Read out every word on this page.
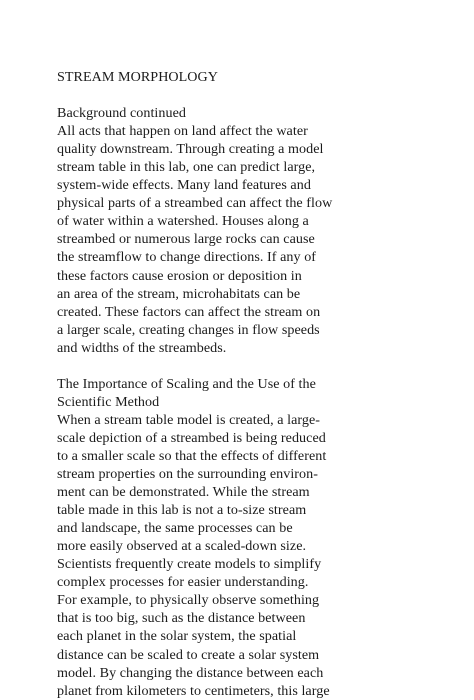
STREAM MORPHOLOGY
Background continued
All acts that happen on land affect the water
quality downstream. Through creating a model
stream table in this lab, one can predict large,
system-wide effects. Many land features and
physical parts of a streambed can affect the flow
of water within a watershed. Houses along a
streambed or numerous large rocks can cause
the streamflow to change directions. If any of
these factors cause erosion or deposition in
an area of the stream, microhabitats can be
created. These factors can affect the stream on
a larger scale, creating changes in flow speeds
and widths of the streambeds.
The Importance of Scaling and the Use of the
Scientific Method
When a stream table model is created, a large-
scale depiction of a streambed is being reduced
to a smaller scale so that the effects of different
stream properties on the surrounding environ-
ment can be demonstrated. While the stream
table made in this lab is not a to-size stream
and landscape, the same processes can be
more easily observed at a scaled-down size.
Scientists frequently create models to simplify
complex processes for easier understanding.
For example, to physically observe something
that is too big, such as the distance between
each planet in the solar system, the spatial
distance can be scaled to create a solar system
model. By changing the distance between each
planet from kilometers to centimeters, this large
